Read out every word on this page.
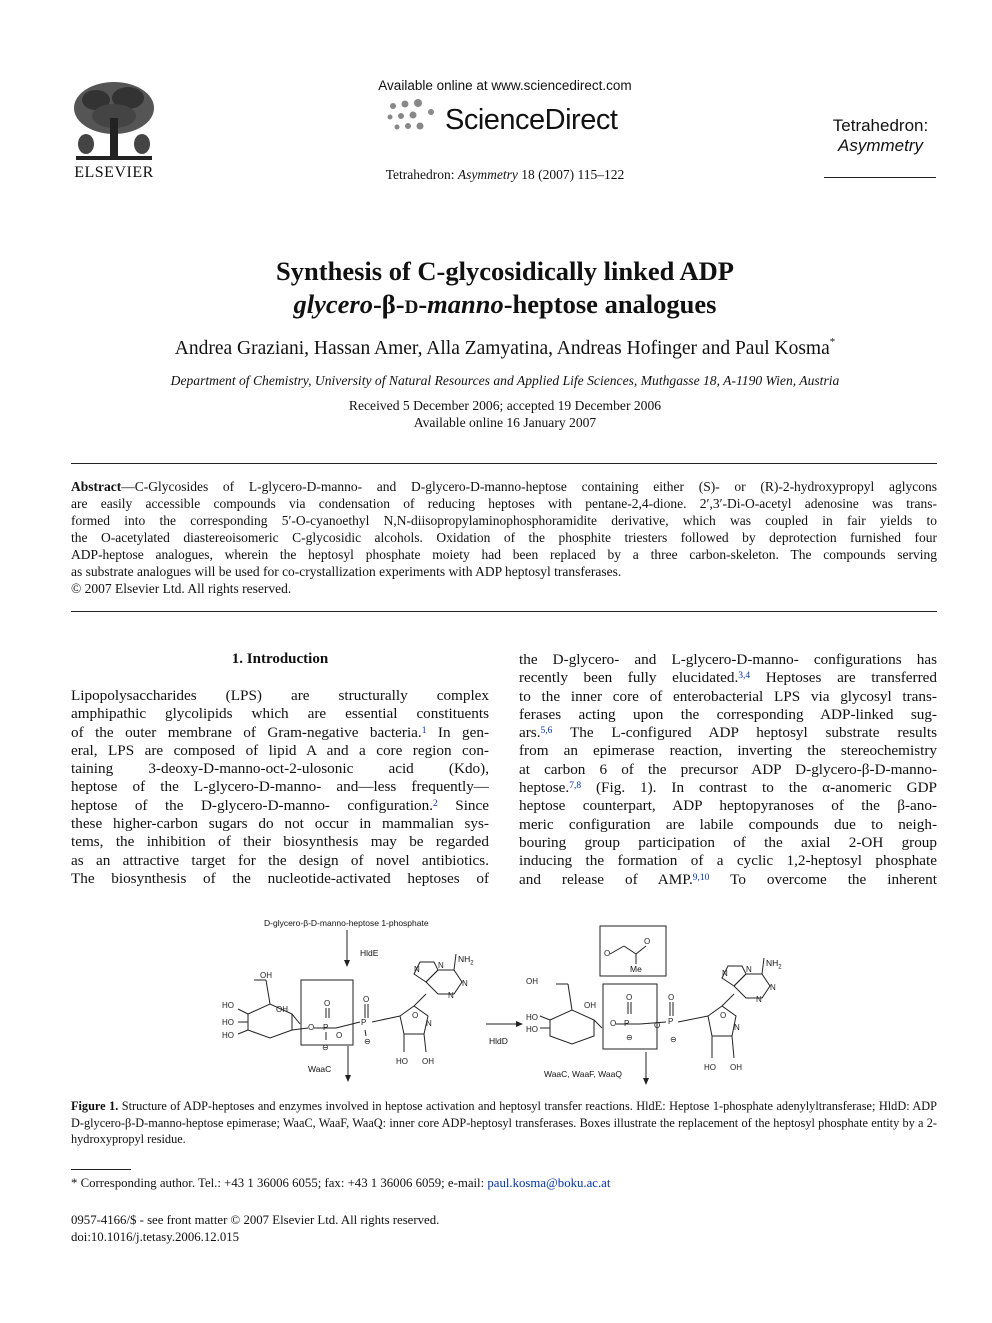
ELSEVIER
Available online at www.sciencedirect.com
ScienceDirect	Tetrahedron:
Asymmetry
Tetrahedron: Asymmetry 18 (2007) 115–122
Synthesis of C-glycosidically linked ADP
glycero-β-d-manno-heptose analogues
Andrea Graziani, Hassan Amer, Alla Zamyatina, Andreas Hofinger and Paul Kosma*
Department of Chemistry, University of Natural Resources and Applied Life Sciences, Muthgasse 18, A-1190 Wien, Austria
Received 5 December 2006; accepted 19 December 2006
Available online 16 January 2007
Abstract—C-Glycosides of L-glycero-D-manno- and D-glycero-D-manno-heptose containing either (S)- or (R)-2-hydroxypropyl aglycons
are easily accessible compounds via condensation of reducing heptoses with pentane-2,4-dione. 2′,3′-Di-O-acetyl adenosine was trans-
formed into the corresponding 5′-O-cyanoethyl N,N-diisopropylaminophosphoramidite derivative, which was coupled in fair yields to
the O-acetylated diastereoisomeric C-glycosidic alcohols. Oxidation of the phosphite triesters followed by deprotection furnished four
ADP-heptose analogues, wherein the heptosyl phosphate moiety had been replaced by a three carbon-skeleton. The compounds serving
as substrate analogues will be used for co-crystallization experiments with ADP heptosyl transferases.
© 2007 Elsevier Ltd. All rights reserved.
1. Introduction

Lipopolysaccharides (LPS) are structurally complex

amphipathic glycolipids which are essential constituents

of the outer membrane of Gram-negative bacteria.$^1$ In gen-

eral, LPS are composed of lipid A and a core region con-

taining 3-deoxy-D-manno-oct-2-ulosonic acid (Kdo),

heptose of the L-glycero-D-manno- and—less frequently—

heptose of the D-glycero-D-manno- configuration.$^2$ Since

these higher-carbon sugars do not occur in mammalian sys-

tems, the inhibition of their biosynthesis may be regarded

as an attractive target for the design of novel antibiotics.

The biosynthesis of the nucleotide-activated heptoses of

the D-glycero- and L-glycero-D-manno- configurations has

recently been fully elucidated.$^{3,4}$ Heptoses are transferred

to the inner core of enterobacterial LPS via glycosyl trans-

ferases acting upon the corresponding ADP-linked sug-

ars.$^{5,6}$ The L-configured ADP heptosyl substrate results

from an epimerase reaction, inverting the stereochemistry

at carbon 6 of the precursor ADP D-glycero-β-D-manno-

heptose.$^{7,8}$ (Fig. 1). In contrast to the α-anomeric GDP

heptose counterpart, ADP heptopyranoses of the β-ano-

meric configuration are labile compounds due to neigh-

bouring group participation of the axial 2-OH group

inducing the formation of a cyclic 1,2-heptosyl phosphate

and release of AMP.$^{9,10}$ To overcome the inherent

OH
HO
HO
HO
OH
P
P
O
O
O	O
⊖
⊖
HO OH
O
N
N
N
N N
OH
HO
HO
OH
P	P
O	O
O	O
⊖	⊖
HO OH
O
N
N
N
N N
O
O
D-glycero-β-D-manno-heptose 1-phosphate
HldE
HldD
WaaC	WaaC, WaaF, WaaQ
$NH_2$	$NH_2$
Me
Figure 1. Structure of ADP-heptoses and enzymes involved in heptose activation and heptosyl transfer reactions. HldE: Heptose 1-phosphate adenylyltransferase; HldD: ADP D-glycero-β-D-manno-heptose epimerase; WaaC, WaaF, WaaQ: inner core ADP-heptosyl transferases. Boxes illustrate the replacement of the heptosyl phosphate entity by a 2-hydroxypropyl residue.
* Corresponding author. Tel.: +43 1 36006 6055; fax: +43 1 36006 6059; e-mail: paul.kosma@boku.ac.at
0957-4166/$ - see front matter © 2007 Elsevier Ltd. All rights reserved.
doi:10.1016/j.tetasy.2006.12.015
